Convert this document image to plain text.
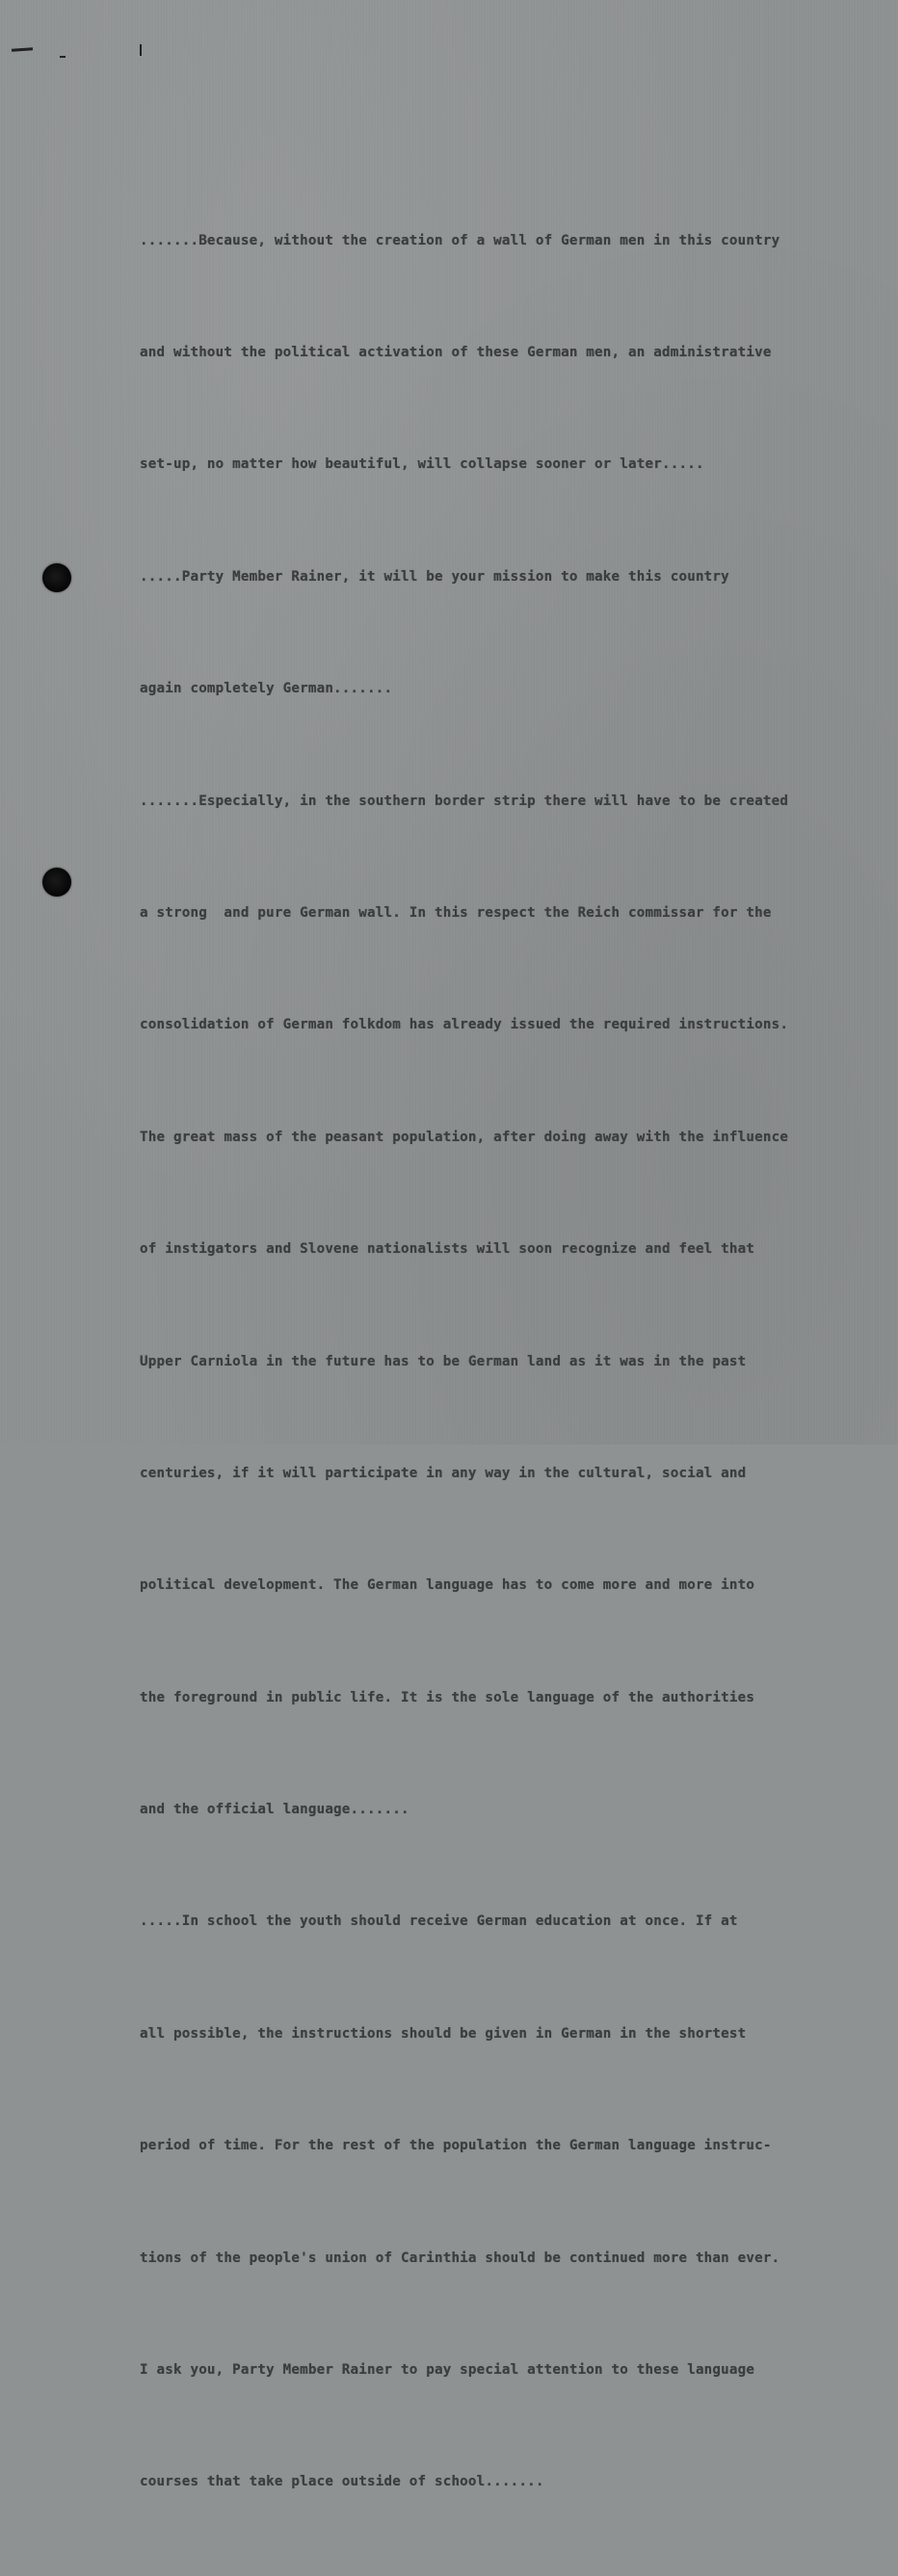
.......Because, without the creation of a wall of German men in this country

and without the political activation of these German men, an administrative

set-up, no matter how beautiful, will collapse sooner or later.....

.....Party Member Rainer, it will be your mission to make this country

again completely German.......

.......Especially, in the southern border strip there will have to be created

a strong  and pure German wall. In this respect the Reich commissar for the

consolidation of German folkdom has already issued the required instructions.

The great mass of the peasant population, after doing away with the influence

of instigators and Slovene nationalists will soon recognize and feel that

Upper Carniola in the future has to be German land as it was in the past

centuries, if it will participate in any way in the cultural, social and

political development. The German language has to come more and more into

the foreground in public life. It is the sole language of the authorities

and the official language.......

.....In school the youth should receive German education at once. If at

all possible, the instructions should be given in German in the shortest

period of time. For the rest of the population the German language instruc-

tions of the people's union of Carinthia should be continued more than ever.

I ask you, Party Member Rainer to pay special attention to these language

courses that take place outside of school.......
